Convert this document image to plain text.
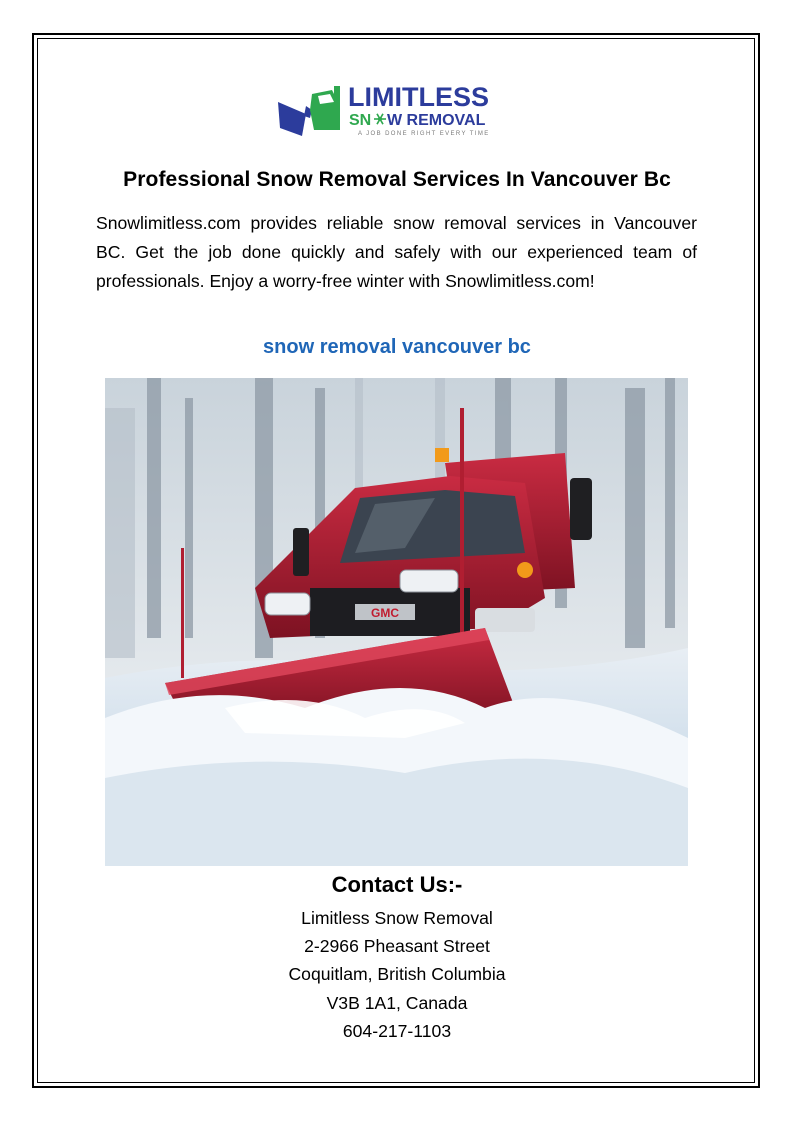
LIMITLESS
SN W REMOVAL
A JOB DONE RIGHT EVERY TIME
Professional Snow Removal Services In Vancouver Bc
Snowlimitless.com provides reliable snow removal services in Vancouver BC. Get the job done quickly and safely with our experienced team of professionals. Enjoy a worry-free winter with Snowlimitless.com!
snow removal vancouver bc
GMC
Contact Us:-
Limitless Snow Removal
2-2966 Pheasant Street
Coquitlam, British Columbia
V3B 1A1, Canada
604-217-1103
